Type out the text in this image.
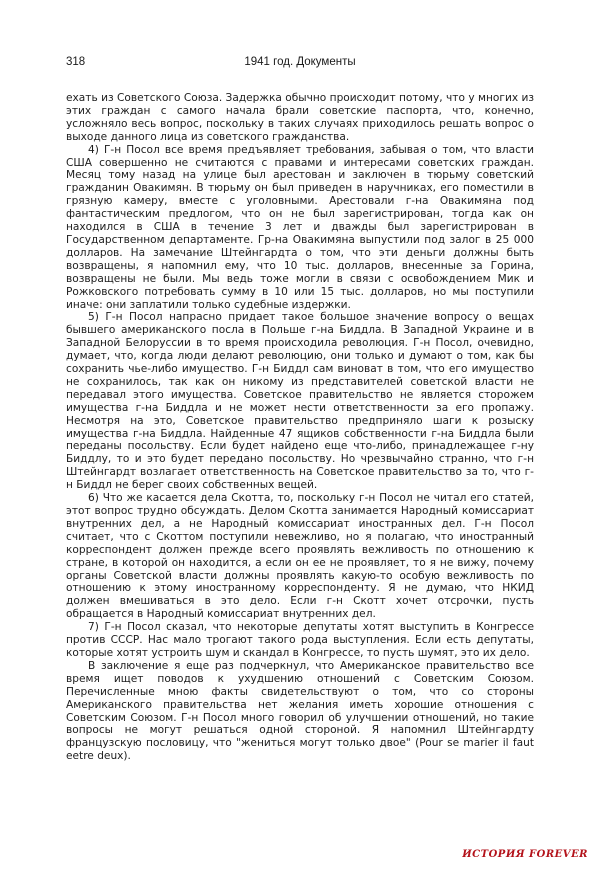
318	1941 год. Документы

ехать из Советского Союза. Задержка обычно происходит потому, что у многих из этих граждан с самого начала брали советские паспорта, что, конечно, усложняло весь вопрос, поскольку в таких случаях приходилось решать вопрос о выходе данного лица из советского гражданства.

4) Г-н Посол все время предъявляет требования, забывая о том, что власти США совершенно не считаются с правами и интересами советских граждан. Месяц тому назад на улице был арестован и заключен в тюрьму советский гражданин Овакимян. В тюрьму он был приведен в наручниках, его поместили в грязную камеру, вместе с уголовными. Арестовали г-на Овакимяна под фантастическим предлогом, что он не был зарегистрирован, тогда как он находился в США в течение 3 лет и дважды был зарегистрирован в Государственном департаменте. Гр-на Овакимяна выпустили под залог в 25 000 долларов. На замечание Штейнгардта о том, что эти деньги должны быть возвращены, я напомнил ему, что 10 тыс. долларов, внесенные за Горина, возвращены не были. Мы ведь тоже могли в связи с освобождением Мик и Рожковского потребовать сумму в 10 или 15 тыс. долларов, но мы поступили иначе: они заплатили только судебные издержки.

5) Г-н Посол напрасно придает такое большое значение вопросу о вещах бывшего американского посла в Польше г-на Биддла. В Западной Украине и в Западной Белоруссии в то время происходила революция. Г-н Посол, очевидно, думает, что, когда люди делают революцию, они только и думают о том, как бы сохранить чье-либо имущество. Г-н Биддл сам виноват в том, что его имущество не сохранилось, так как он никому из представителей советской власти не передавал этого имущества. Советское правительство не является сторожем имущества г-на Биддла и не может нести ответственности за его пропажу. Несмотря на это, Советское правительство предприняло шаги к розыску имущества г-на Биддла. Найденные 47 ящиков собственности г-на Биддла были переданы посольству. Если будет найдено еще что-либо, принадлежащее г-ну Биддлу, то и это будет передано посольству. Но чрезвычайно странно, что г-н Штейнгардт возлагает ответственность на Советское правительство за то, что г-н Биддл не берег своих собственных вещей.

6) Что же касается дела Скотта, то, поскольку г-н Посол не читал его статей, этот вопрос трудно обсуждать. Делом Скотта занимается Народный комиссариат внутренних дел, а не Народный комиссариат иностранных дел. Г-н Посол считает, что с Скоттом поступили невежливо, но я полагаю, что иностранный корреспондент должен прежде всего проявлять вежливость по отношению к стране, в которой он находится, а если он ее не проявляет, то я не вижу, почему органы Советской власти должны проявлять какую-то особую вежливость по отношению к этому иностранному корреспонденту. Я не думаю, что НКИД должен вмешиваться в это дело. Если г-н Скотт хочет отсрочки, пусть обращается в Народный комиссариат внутренних дел.

7) Г-н Посол сказал, что некоторые депутаты хотят выступить в Конгрессе против СССР. Нас мало трогают такого рода выступления. Если есть депутаты, которые хотят устроить шум и скандал в Конгрессе, то пусть шумят, это их дело.

В заключение я еще раз подчеркнул, что Американское правительство все время ищет поводов к ухудшению отношений с Советским Союзом. Перечисленные мною факты свидетельствуют о том, что со стороны Американского правительства нет желания иметь хорошие отношения с Советским Союзом. Г-н Посол много говорил об улучшении отношений, но такие вопросы не могут решаться одной стороной. Я напомнил Штейнгардту французскую пословицу, что "жениться могут только двое" (Pour se marier il faut eetre deux).

ИСТОРИЯ FOREVER
